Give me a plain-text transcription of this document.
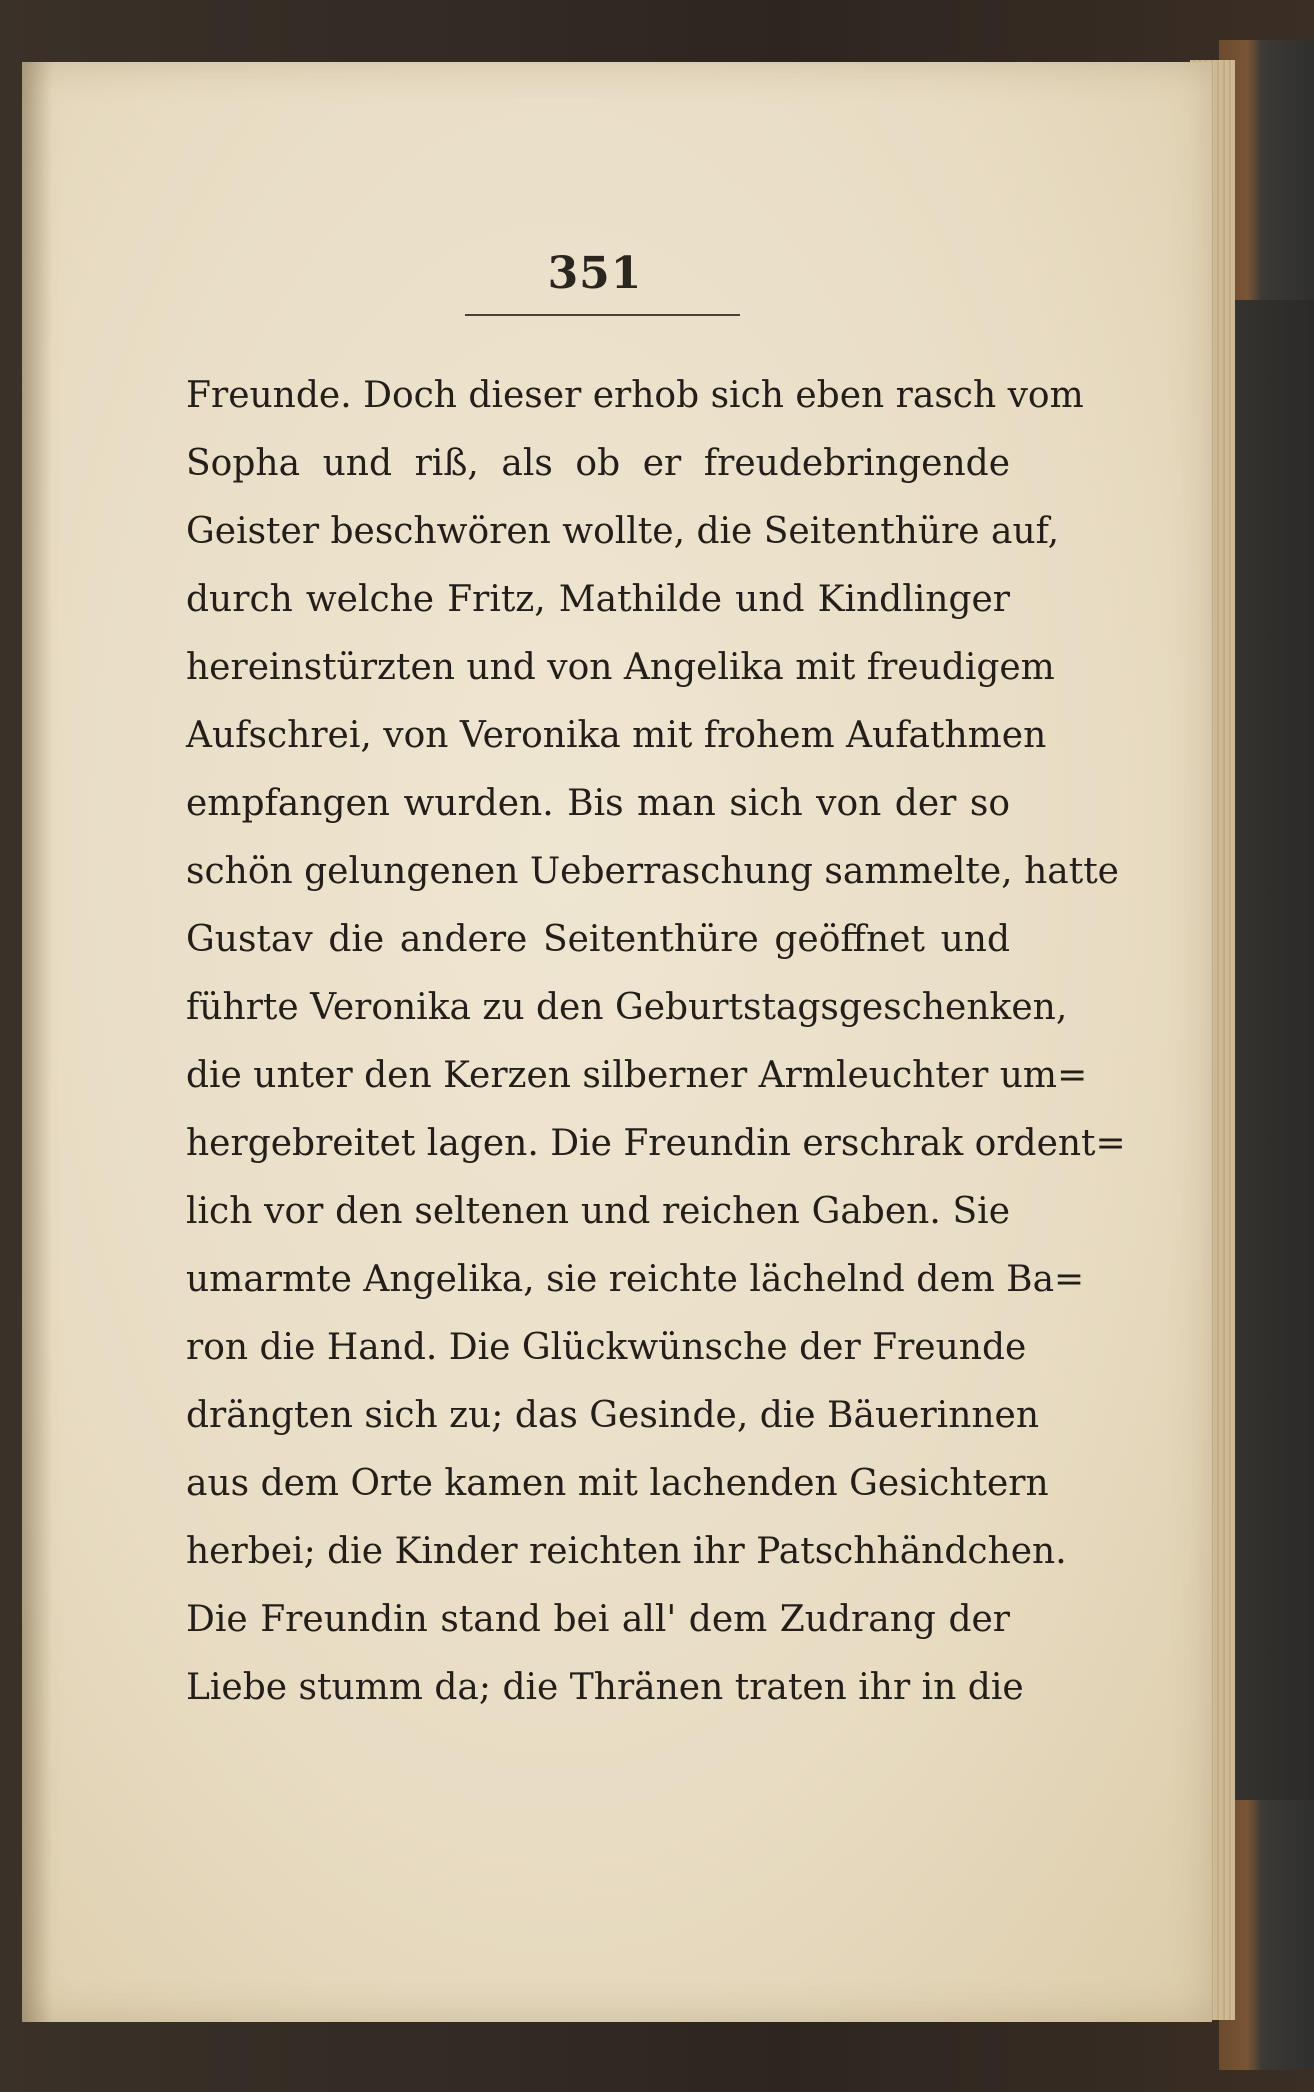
351
Freunde. Doch dieser erhob sich eben rasch vom
Sopha und riß, als ob er freudebringende
Geister beschwören wollte, die Seitenthüre auf,
durch welche Fritz, Mathilde und Kindlinger
hereinstürzten und von Angelika mit freudigem
Aufschrei, von Veronika mit frohem Aufathmen
empfangen wurden. Bis man sich von der so
schön gelungenen Ueberraschung sammelte, hatte
Gustav die andere Seitenthüre geöffnet und
führte Veronika zu den Geburtstagsgeschenken,
die unter den Kerzen silberner Armleuchter um=
hergebreitet lagen. Die Freundin erschrak ordent=
lich vor den seltenen und reichen Gaben. Sie
umarmte Angelika, sie reichte lächelnd dem Ba=
ron die Hand. Die Glückwünsche der Freunde
drängten sich zu; das Gesinde, die Bäuerinnen
aus dem Orte kamen mit lachenden Gesichtern
herbei; die Kinder reichten ihr Patschhändchen.
Die Freundin stand bei all' dem Zudrang der
Liebe stumm da; die Thränen traten ihr in die
